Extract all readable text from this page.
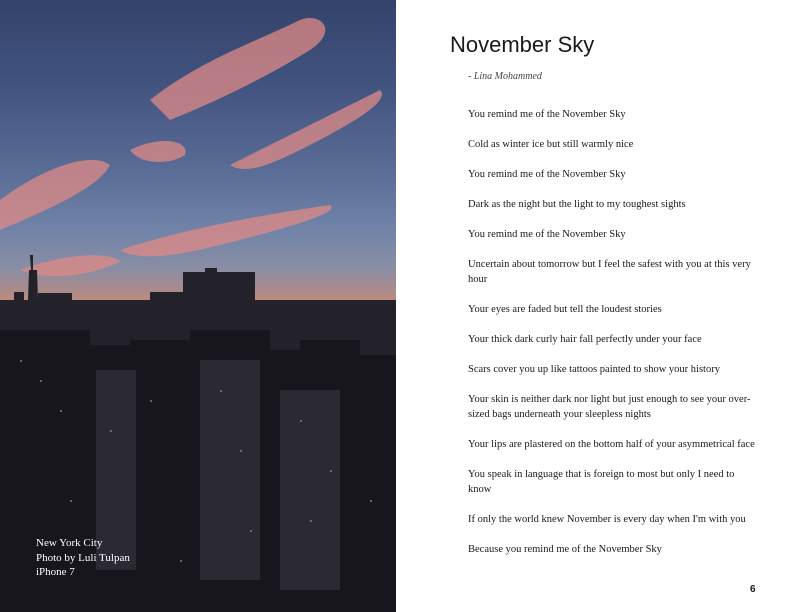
New York City
Photo by Luli Tulpan
iPhone 7
November Sky
- Lina Mohammed

You remind me of the November Sky

Cold as winter ice but still warmly nice

You remind me of the November Sky

Dark as the night but the light to my toughest sights

You remind me of the November Sky

Uncertain about tomorrow but I feel the safest with you at this very hour

Your eyes are faded but tell the loudest stories

Your thick dark curly hair fall perfectly under your face

Scars cover you up like tattoos painted to show your history

Your skin is neither dark nor light but just enough to see your over-sized bags underneath your sleepless nights

Your lips are plastered on the bottom half of your asymmetrical face

You speak in language that is foreign to most but only I need to know

If only the world knew November is every day when I'm with you

Because you remind me of the November Sky

6
